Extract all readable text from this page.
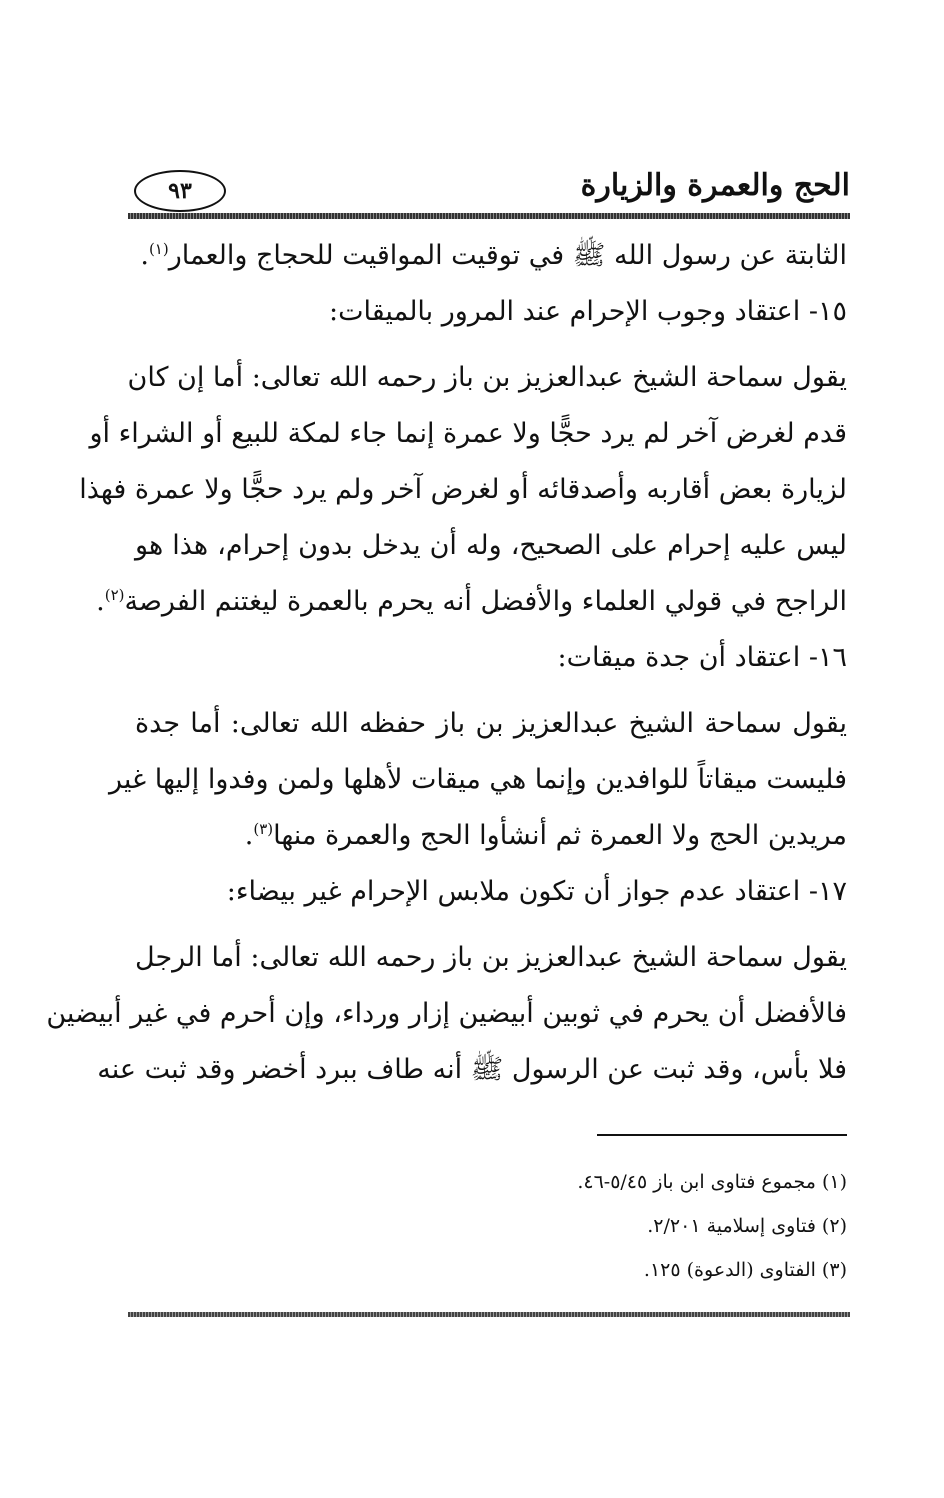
٩٣	الحج والعمرة والزيارة
الثابتة عن رسول الله ﷺ في توقيت المواقيت للحجاج والعمار$^{(١)}$.
١٥- اعتقاد وجوب الإحرام عند المرور بالميقات:
يقول سماحة الشيخ عبدالعزيز بن باز رحمه الله تعالى: أما إن كان
قدم لغرض آخر لم يرد حجًّا ولا عمرة إنما جاء لمكة للبيع أو الشراء أو
لزيارة بعض أقاربه وأصدقائه أو لغرض آخر ولم يرد حجًّا ولا عمرة فهذا
ليس عليه إحرام على الصحيح، وله أن يدخل بدون إحرام، هذا هو
الراجح في قولي العلماء والأفضل أنه يحرم بالعمرة ليغتنم الفرصة$^{(٢)}$.
١٦- اعتقاد أن جدة ميقات:
يقول سماحة الشيخ عبدالعزيز بن باز حفظه الله تعالى: أما جدة
فليست ميقاتاً للوافدين وإنما هي ميقات لأهلها ولمن وفدوا إليها غير
مريدين الحج ولا العمرة ثم أنشأوا الحج والعمرة منها$^{(٣)}$.
١٧- اعتقاد عدم جواز أن تكون ملابس الإحرام غير بيضاء:
يقول سماحة الشيخ عبدالعزيز بن باز رحمه الله تعالى: أما الرجل
فالأفضل أن يحرم في ثوبين أبيضين إزار ورداء، وإن أحرم في غير أبيضين
فلا بأس، وقد ثبت عن الرسول ﷺ أنه طاف ببرد أخضر وقد ثبت عنه
(١) مجموع فتاوى ابن باز ٥/٤٥-٤٦.
(٢) فتاوى إسلامية ٢/٢٠١.
(٣) الفتاوى (الدعوة) ١٢٥.
